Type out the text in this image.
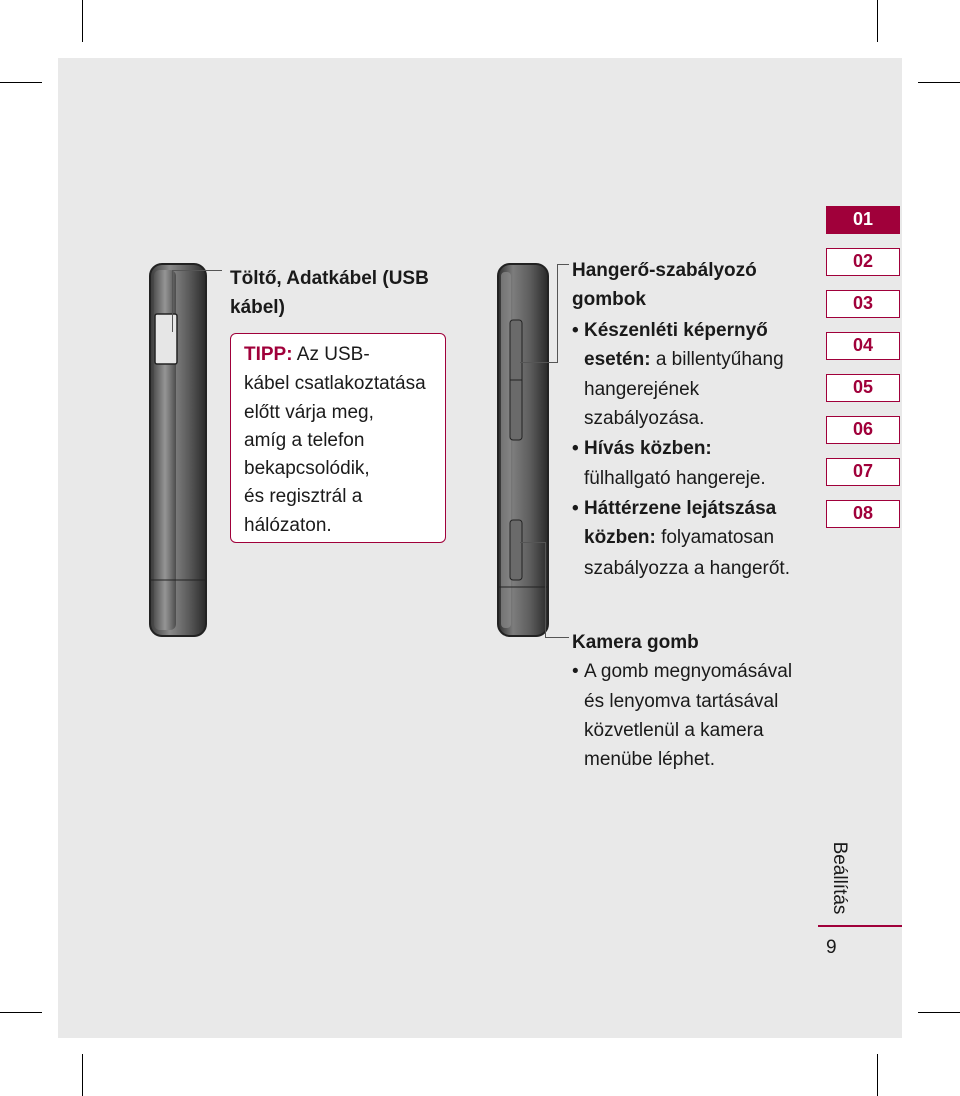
Töltő, Adatkábel (USB
kábel)
TIPP: Az USB-
kábel csatlakoztatása
előtt várja meg,
amíg a telefon
bekapcsolódik,
és regisztrál a
hálózaton.
Hangerő-szabályozó
gombok
• Készenléti képernyő
esetén: a billentyűhang
hangerejének
szabályozása.
• Hívás közben:
fülhallgató hangereje.
• Háttérzene lejátszása
közben: folyamatosan
szabályozza a hangerőt.
Kamera gomb
• A gomb megnyomásával
és lenyomva tartásával
közvetlenül a kamera
menübe léphet.
01
02
03
04
05
06
07
08
Beállítás
9
